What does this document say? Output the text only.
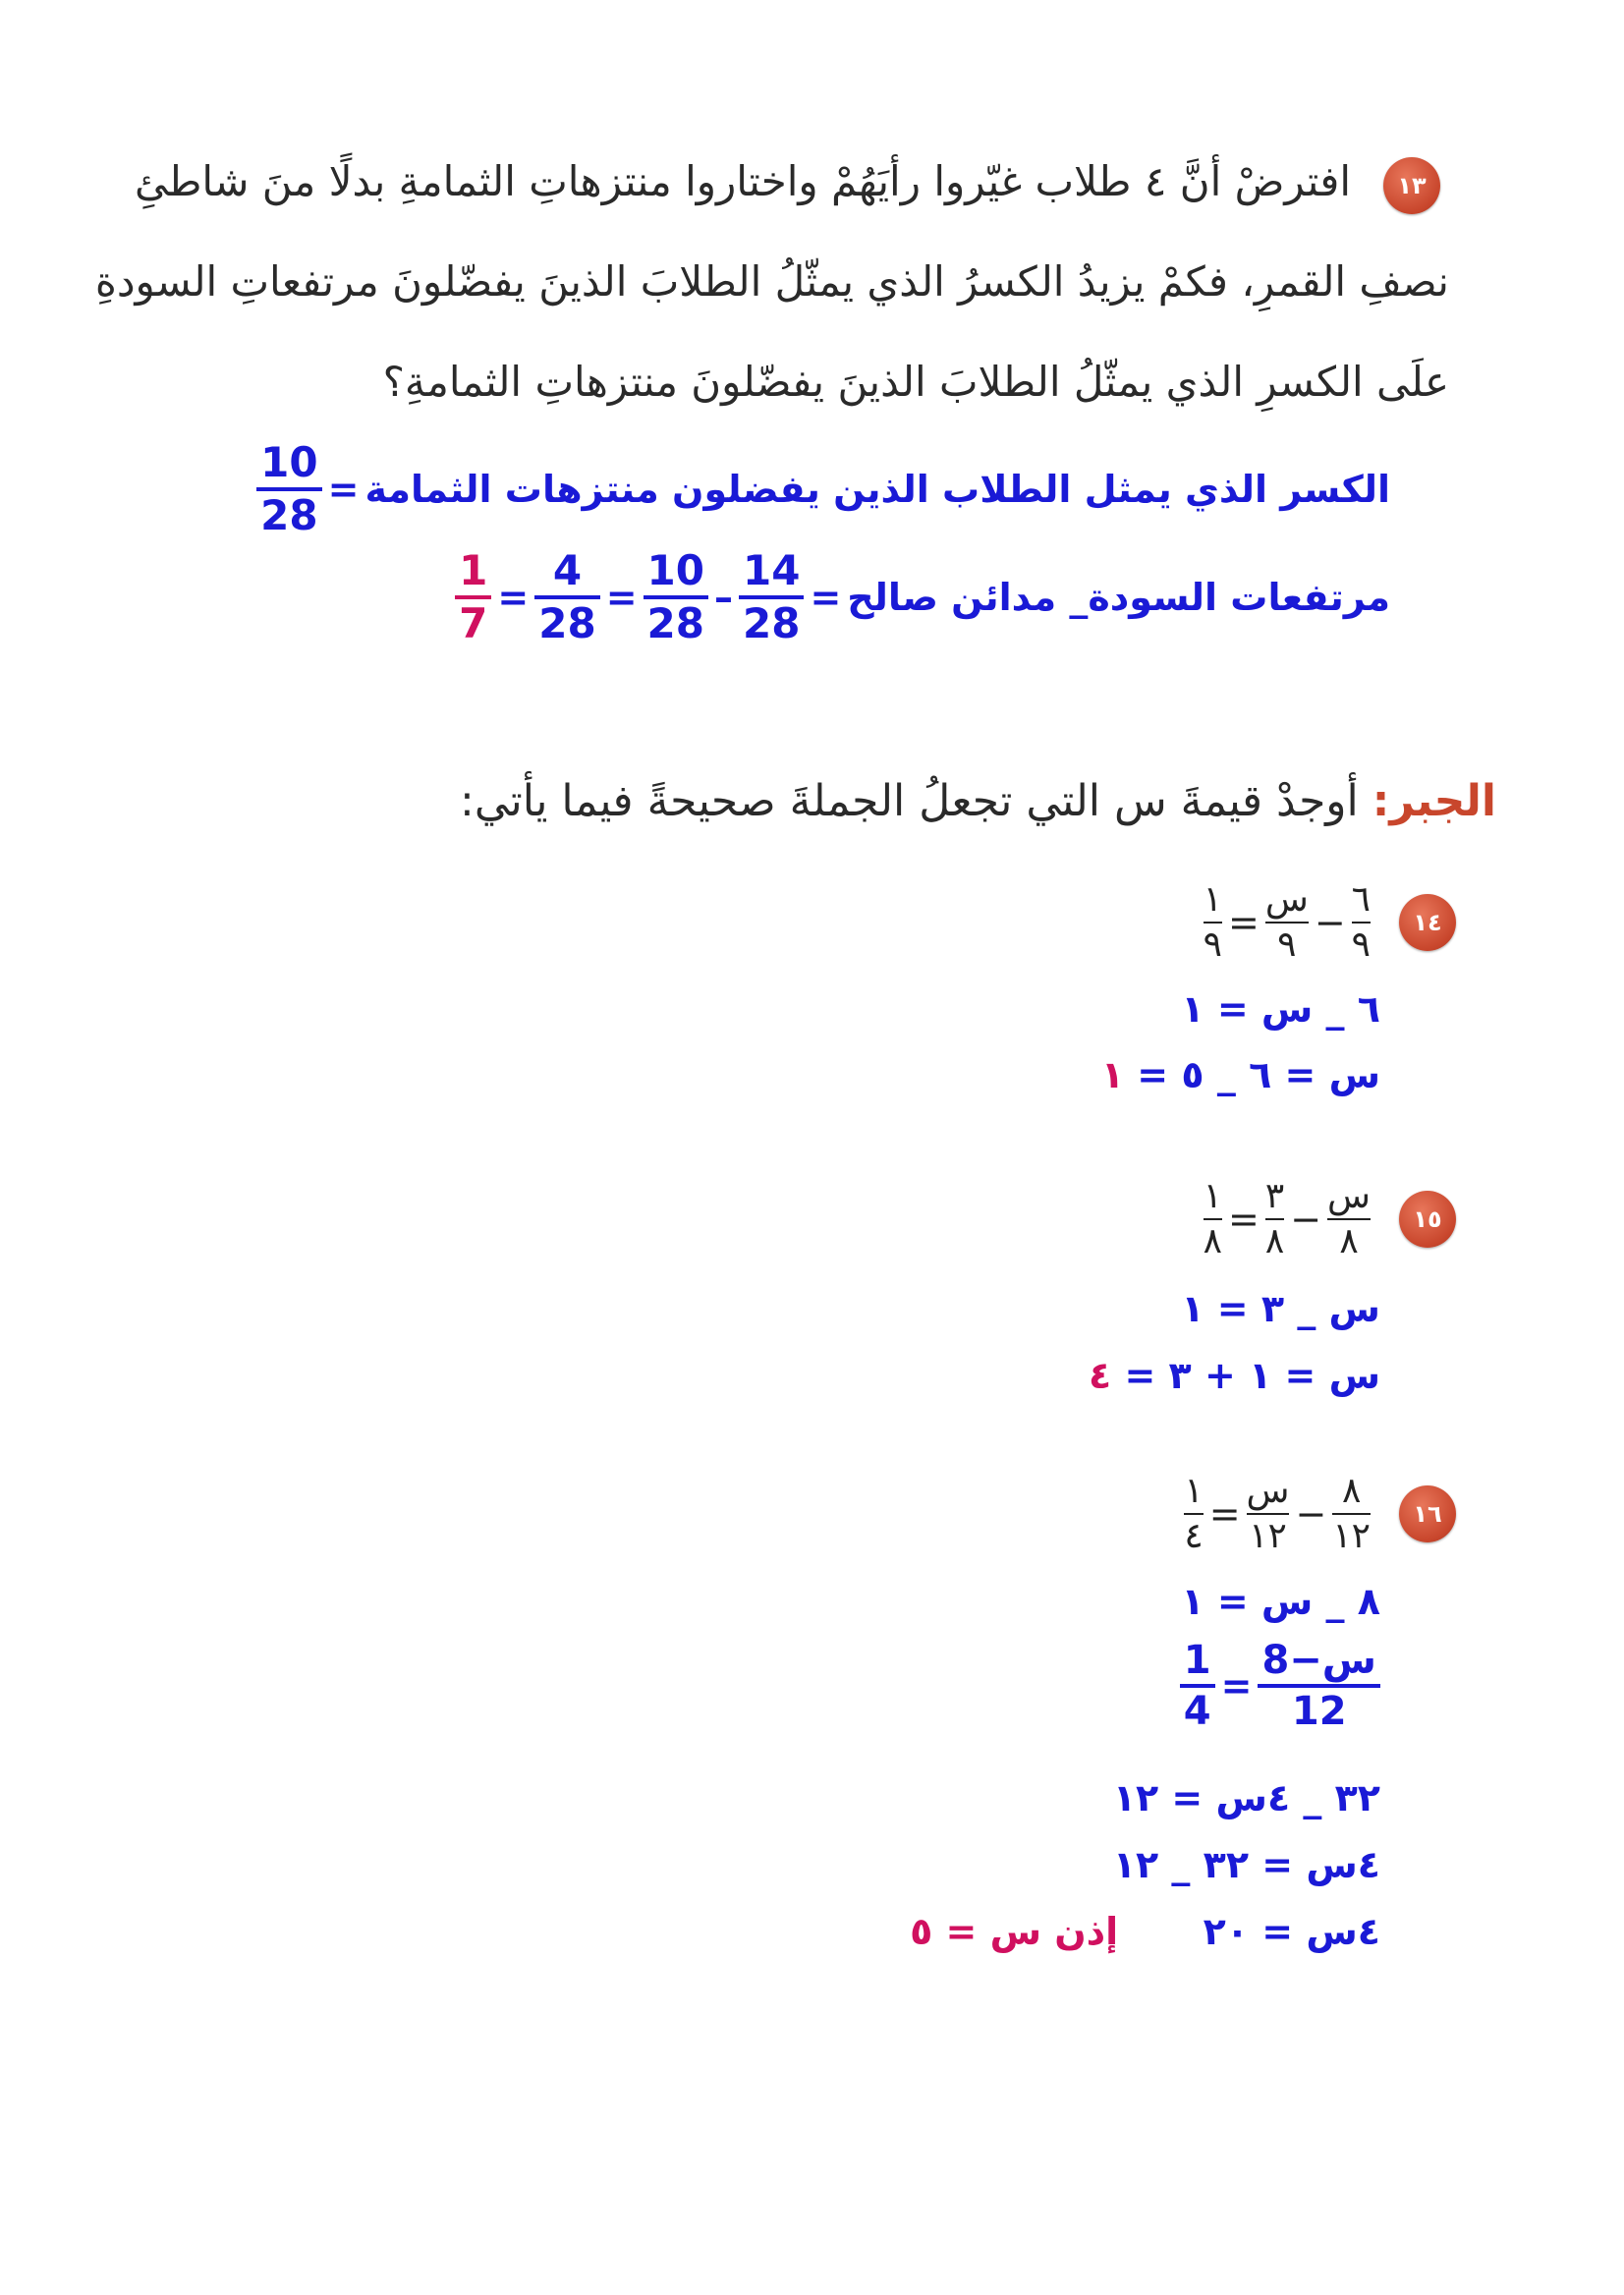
١٣
افترضْ أنَّ ٤ طلاب غيّروا رأيَهُمْ واختاروا منتزهاتِ الثمامةِ بدلًا منَ شاطئِ
نصفِ القمرِ، فكمْ يزيدُ الكسرُ الذي يمثّلُ الطلابَ الذينَ يفضّلونَ مرتفعاتِ السودةِ
علَى الكسرِ الذي يمثّلُ الطلابَ الذينَ يفضّلونَ منتزهاتِ الثمامةِ؟
$\frac{10}{28}$ = الكسر الذي يمثل الطلاب الذين يفضلون منتزهات الثمامة
$\frac{1}{7} = \frac{4}{28} = \frac{10}{28} - \frac{14}{28}$ = مرتفعات السودة_ مدائن صالح
الجبر: أوجدْ قيمةَ س التي تجعلُ الجملةَ صحيحةً فيما يأتي:
١٤
١
٩
=
س
٩
−
٦
٩
٦ _ س = ١
س = ٦ _ ٥ = ١
١٥
١
٨
=
٣
٨
−
س
٨
س _ ٣ = ١
س = ١ + ٣ = ٤
١٦
١
٤
=
س
١٢
−
٨
١٢
٨ _ س = ١
$\frac{1}{4} = \frac{\text{8−س}}{12}$
٣٢ _ ٤س = ١٢
٤س = ٣٢ _ ١٢
٤س = ٢٠  إذن س = ٥
